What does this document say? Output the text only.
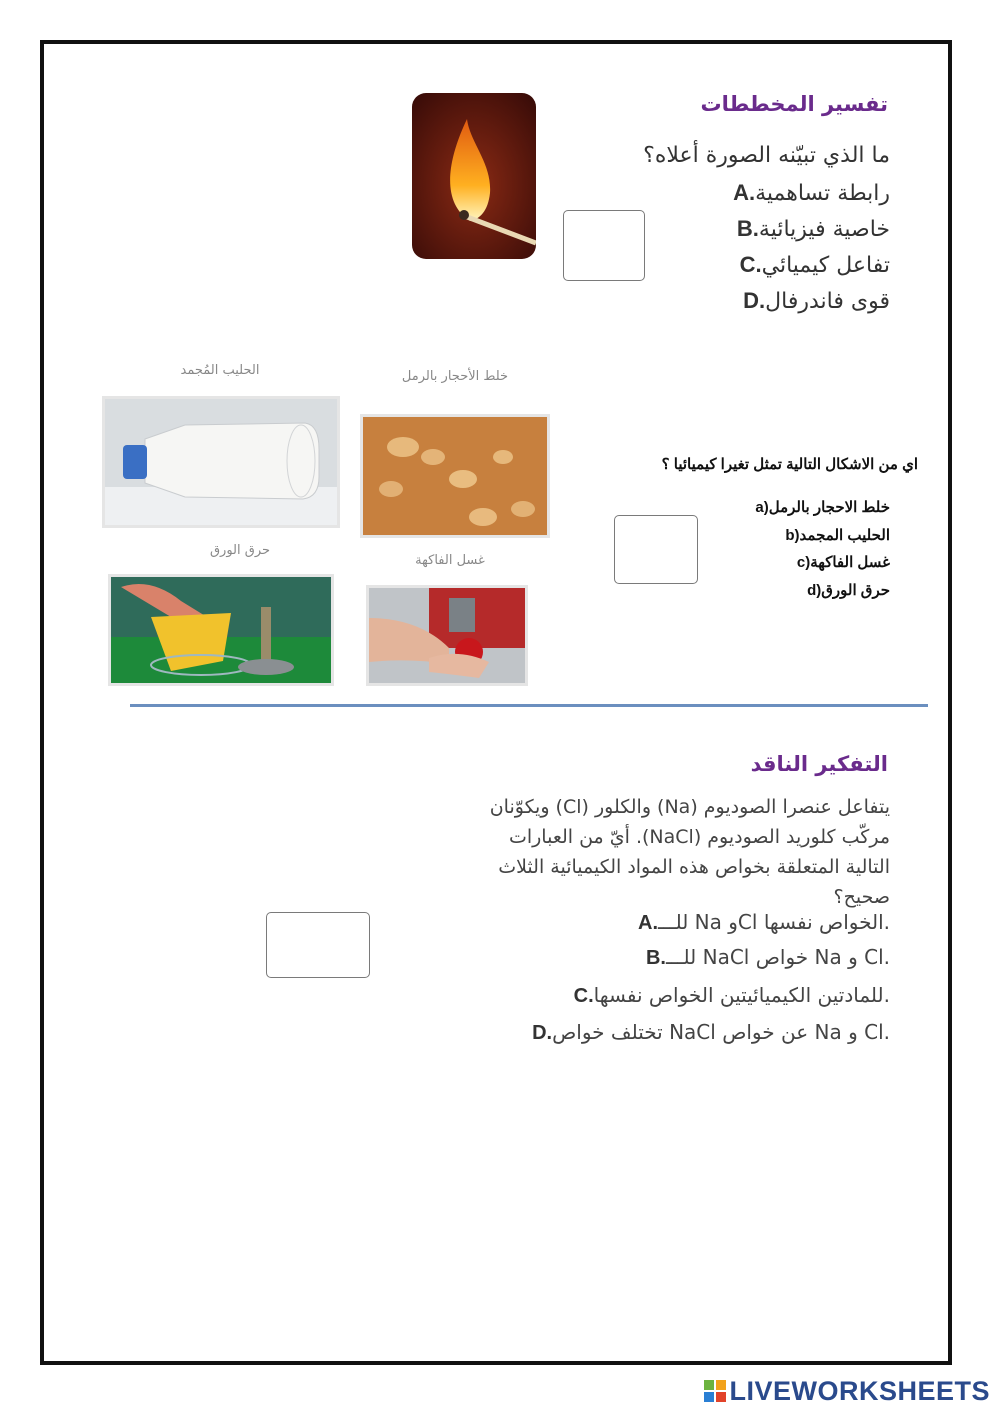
تفسير المخططات
ما الذي تبيّنه الصورة أعلاه؟
A.رابطة تساهمية
B.خاصية فيزيائية
C.تفاعل كيميائي
D.قوى فاندرفال
الحليب المُجمد	خلط الأحجار بالرمل
حرق الورق
غسل الفاكهة
اي من الاشكال التالية تمثل تغيرا كيميائيا ؟
a)خلط الاحجار بالرمل
b)الحليب المجمد
c)غسل الفاكهة
d)حرق الورق
التفكير الناقد
يتفاعل عنصرا الصوديوم (Na) والكلور (Cl) ويكوّنان
مركّب كلوريد الصوديوم (NaCl). أيّ من العبارات
التالية المتعلقة بخواص هذه المواد الكيميائية الثلاث
صحيح؟
A.للـــ Na وCl الخواص نفسها.
B.للـــ NaCl خواص Na و Cl.
C.للمادتين الكيميائيتين الخواص نفسها.
D.تختلف خواص NaCl عن خواص Na و Cl.
LIVEWORKSHEETS
